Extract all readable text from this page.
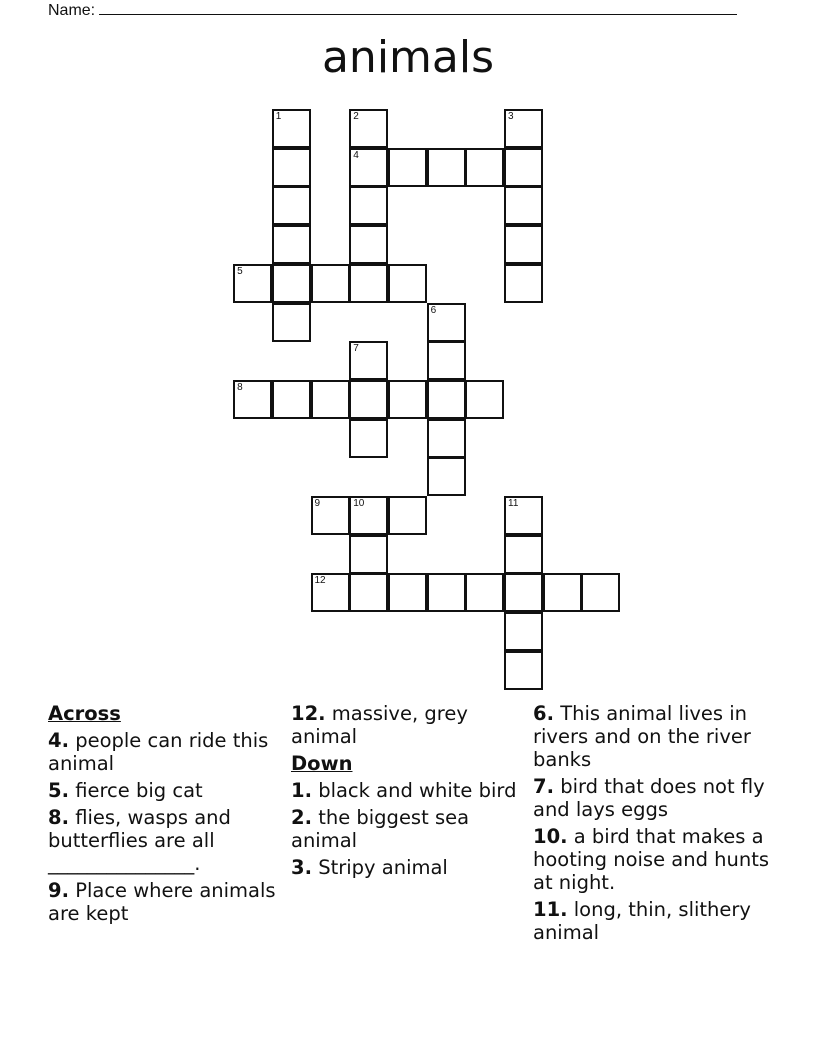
Name:
animals
1	2	3
4
5
6
7
8
9	10	11
12
Across
4. people can ride this animal
5. fierce big cat
8. flies, wasps and butterflies are all _______________.
9. Place where animals are kept
12. massive, grey animal
Down
1. black and white bird
2. the biggest sea animal
3. Stripy animal
6. This animal lives in rivers and on the river banks
7. bird that does not fly and lays eggs
10. a bird that makes a hooting noise and hunts at night.
11. long, thin, slithery animal
